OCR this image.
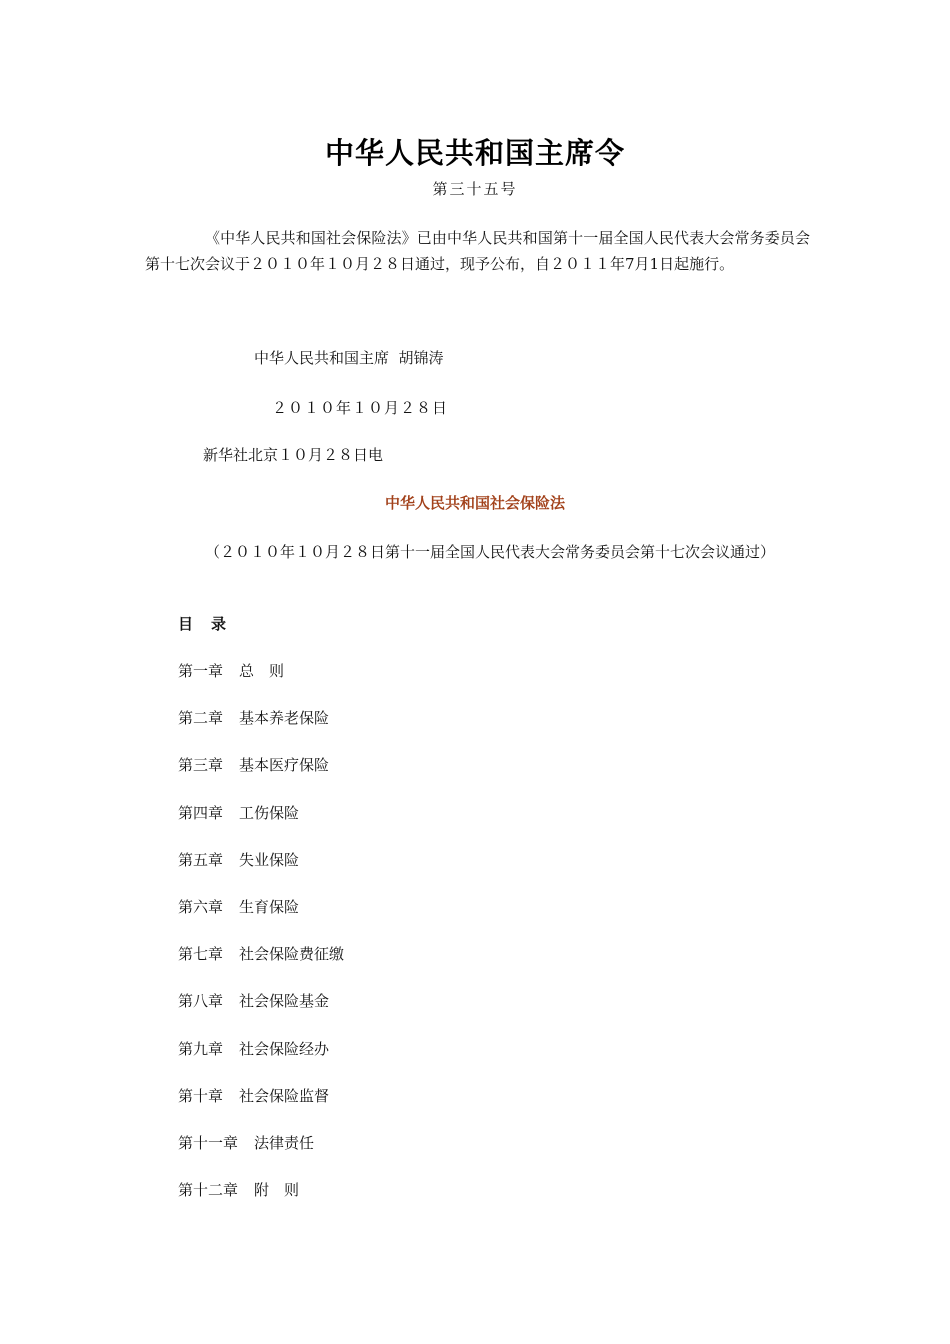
中华人民共和国主席令

第三十五号

《中华人民共和国社会保险法》已由中华人民共和国第十一届全国人民代表大会常务委员会第十七次会议于２０１０年１０月２８日通过，现予公布，自２０１１年7月1日起施行。

中华人民共和国主席  胡锦涛

２０１０年１０月２８日

新华社北京１０月２８日电

中华人民共和国社会保险法

（２０１０年１０月２８日第十一届全国人民代表大会常务委员会第十七次会议通过）

目 录
第一章 总　则
第二章 基本养老保险
第三章 基本医疗保险
第四章 工伤保险
第五章 失业保险
第六章 生育保险
第七章 社会保险费征缴
第八章 社会保险基金
第九章 社会保险经办
第十章 社会保险监督
第十一章 法律责任
第十二章 附　则
